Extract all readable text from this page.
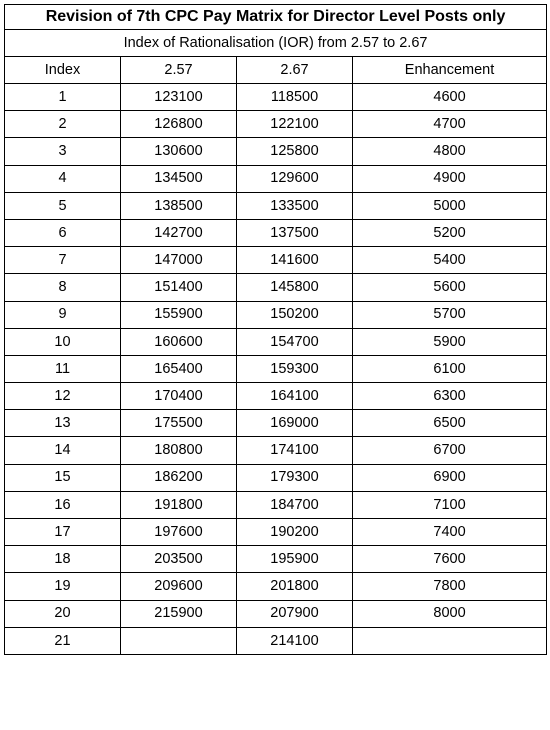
Revision of 7th CPC Pay Matrix for Director Level Posts only			
Index of Rationalisation (IOR) from 2.57 to 2.67			
Index	2.57	2.67	Enhancement
1	123100	118500	4600
2	126800	122100	4700
3	130600	125800	4800
4	134500	129600	4900
5	138500	133500	5000
6	142700	137500	5200
7	147000	141600	5400
8	151400	145800	5600
9	155900	150200	5700
10	160600	154700	5900
11	165400	159300	6100
12	170400	164100	6300
13	175500	169000	6500
14	180800	174100	6700
15	186200	179300	6900
16	191800	184700	7100
17	197600	190200	7400
18	203500	195900	7600
19	209600	201800	7800
20	215900	207900	8000
21		214100	
